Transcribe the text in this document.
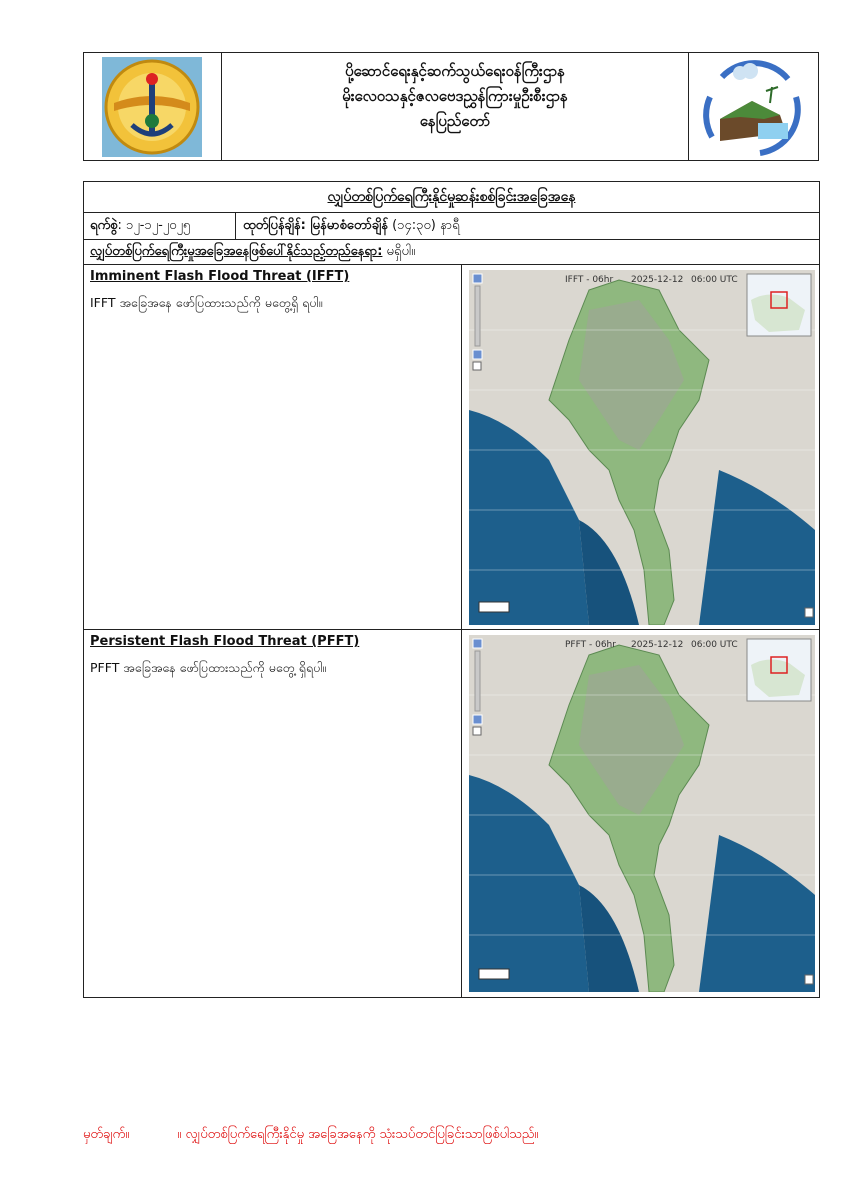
ပို့ဆောင်ရေးနှင့်ဆက်သွယ်ရေးဝန်ကြီးဌာန
မိုးလေဝသနှင့်ဇလဗေဒညွှန်ကြားမှုဦးစီးဌာန
နေပြည်တော်
လျှပ်တစ်ပြက်ရေကြီးနိုင်မှုဆန်းစစ်ခြင်းအခြေအနေ
ရက်စွဲ: ၁၂-၁၂-၂၀၂၅	ထုတ်ပြန်ချိန်: မြန်မာစံတော်ချိန် (၁၄:၃၀) နာရီ
လျှပ်တစ်ပြက်ရေကြီးမှုအခြေအနေဖြစ်ပေါ်နိုင်သည့်တည်နေရာ: မရှိပါ။
Imminent Flash Flood Threat (IFFT)
IFFT အခြေအနေ ဖော်ပြထားသည်ကို မတွေ့ရှိ ရပါ။
IFFT - 06hr 2025-12-12 06:00 UTC
Persistent Flash Flood Threat (PFFT)
PFFT အခြေအနေ ဖော်ပြထားသည်ကို မတွေ့ ရှိရပါ။
PFFT - 06hr 2025-12-12 06:00 UTC
မှတ်ချက်။	။ လျှပ်တစ်ပြက်ရေကြီးနိုင်မှု အခြေအနေကို သုံးသပ်တင်ပြခြင်းသာဖြစ်ပါသည်။
